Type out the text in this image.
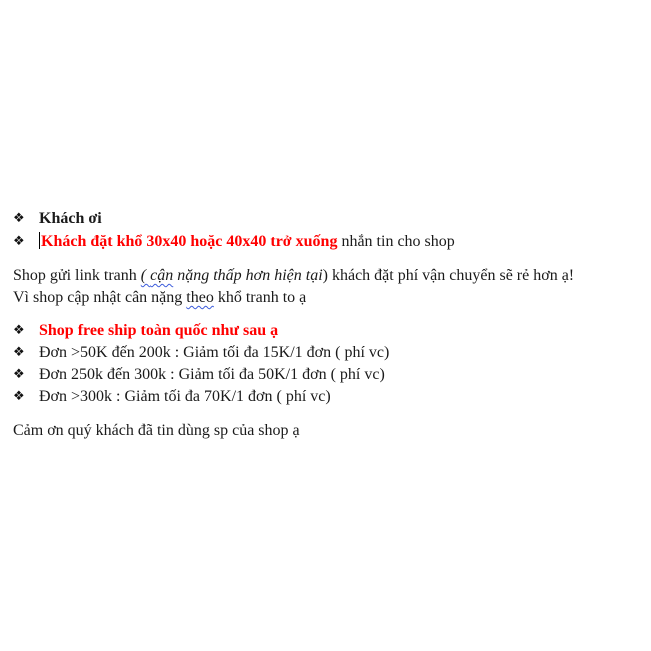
❖ Khách ơi
❖ Khách đặt khổ 30x40 hoặc 40x40 trở xuống nhắn tin cho shop
Shop gửi link tranh ( cận nặng thấp hơn hiện tại) khách đặt phí vận chuyển sẽ rẻ hơn ạ!
Vì shop cập nhật cân nặng theo khổ tranh to ạ
❖ Shop free ship toàn quốc như sau ạ
❖ Đơn >50K đến 200k : Giảm tối đa 15K/1 đơn ( phí vc)
❖ Đơn 250k đến 300k : Giảm tối đa 50K/1 đơn ( phí vc)
❖ Đơn >300k : Giảm tối đa 70K/1 đơn ( phí vc)
Cảm ơn quý khách đã tin dùng sp của shop ạ
